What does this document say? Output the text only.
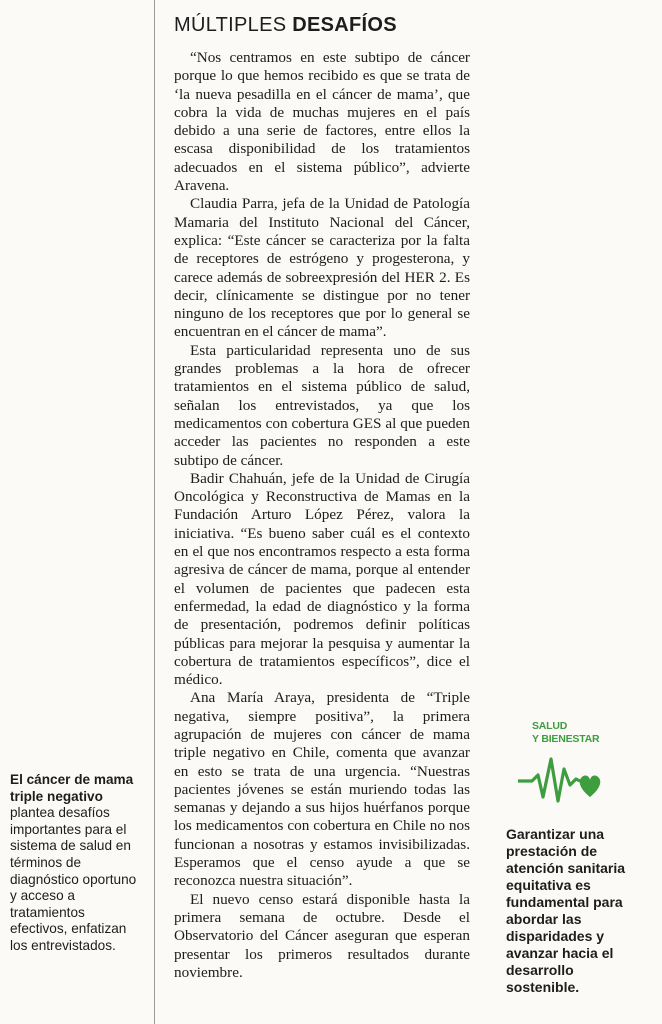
MÚLTIPLES DESAFÍOS

“Nos centramos en este subtipo de cáncer porque lo que hemos recibido es que se trata de ‘la nueva pesadilla en el cáncer de mama’, que cobra la vida de muchas mujeres en el país debido a una serie de factores, entre ellos la escasa disponibilidad de los tratamientos adecuados en el sistema público”, advierte Aravena.

Claudia Parra, jefa de la Unidad de Patología Mamaria del Instituto Nacional del Cáncer, explica: “Este cáncer se caracteriza por la falta de receptores de estrógeno y progesterona, y carece además de sobreexpresión del HER 2. Es decir, clínicamente se distingue por no tener ninguno de los receptores que por lo general se encuentran en el cáncer de mama”.

Esta particularidad representa uno de sus grandes problemas a la hora de ofrecer tratamientos en el sistema público de salud, señalan los entrevistados, ya que los medicamentos con cobertura GES al que pueden acceder las pacientes no responden a este subtipo de cáncer.

Badir Chahuán, jefe de la Unidad de Cirugía Oncológica y Reconstructiva de Mamas en la Fundación Arturo López Pérez, valora la iniciativa. “Es bueno saber cuál es el contexto en el que nos encontramos respecto a esta forma agresiva de cáncer de mama, porque al entender el volumen de pacientes que padecen esta enfermedad, la edad de diagnóstico y la forma de presentación, podremos definir políticas públicas para mejorar la pesquisa y aumentar la cobertura de tratamientos específicos”, dice el médico.

Ana María Araya, presidenta de “Triple negativa, siempre positiva”, la primera agrupación de mujeres con cáncer de mama triple negativo en Chile, comenta que avanzar en esto se trata de una urgencia. “Nuestras pacientes jóvenes se están muriendo todas las semanas y dejando a sus hijos huérfanos porque los medicamentos con cobertura en Chile no nos funcionan a nosotras y estamos invisibilizadas. Esperamos que el censo ayude a que se reconozca nuestra situación”.

El nuevo censo estará disponible hasta la primera semana de octubre. Desde el Observatorio del Cáncer aseguran que esperan presentar los primeros resultados durante noviembre.

El cáncer de mama triple negativo plantea desafíos importantes para el sistema de salud en términos de diagnóstico oportuno y acceso a tratamientos efectivos, enfatizan los entrevistados.
SALUD
Y BIENESTAR
Garantizar una prestación de atención sanitaria equitativa es fundamental para abordar las disparidades y avanzar hacia el desarrollo sostenible.
